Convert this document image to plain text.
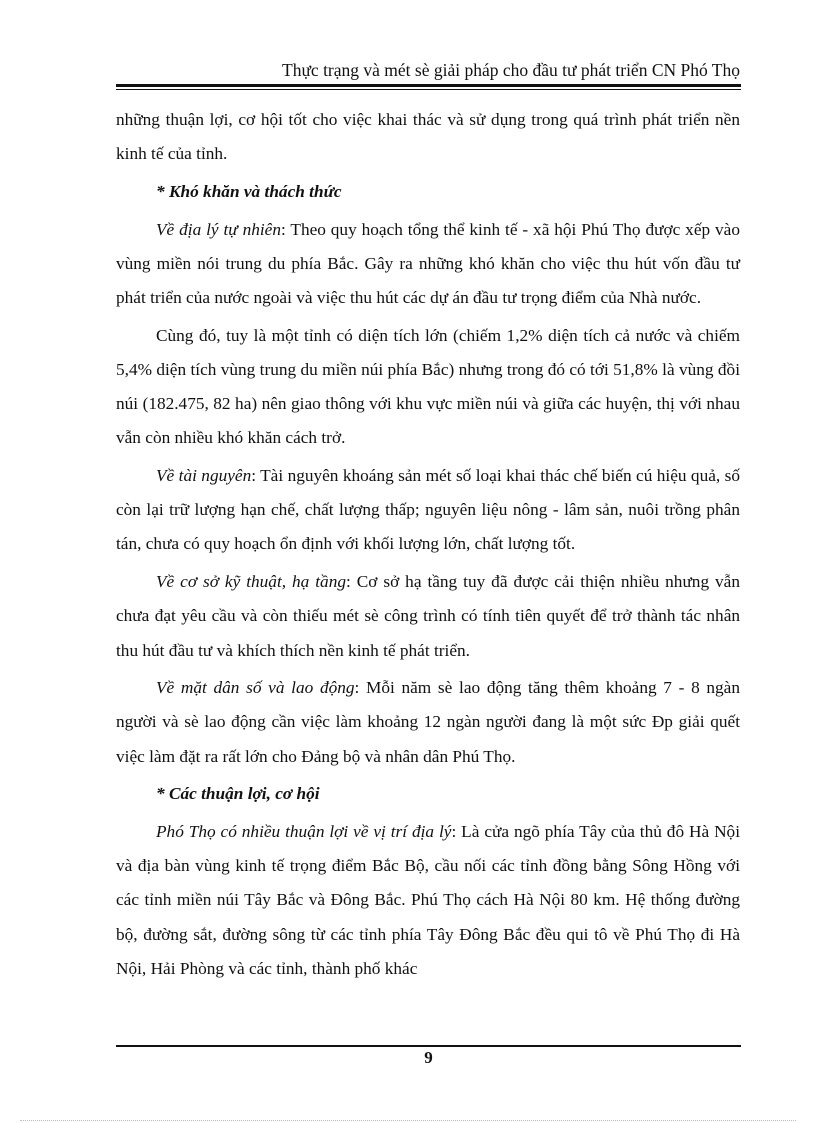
Thực trạng và mét sè giải pháp cho đầu tư phát triển CN Phó Thọ

những thuận lợi, cơ hội tốt cho việc khai thác và sử dụng trong quá trình phát triển nền kinh tế của tỉnh.

* Khó khăn và thách thức

Về địa lý tự nhiên: Theo quy hoạch tổng thể kinh tế - xã hội Phú Thọ được xếp vào vùng miền nói trung du phía Bắc. Gây ra những khó khăn cho việc thu hút vốn đầu tư phát triển của nước ngoài và việc thu hút các dự án đầu tư trọng điểm của Nhà nước.

Cùng đó, tuy là một tỉnh có diện tích lớn (chiếm 1,2% diện tích cả nước và chiếm 5,4% diện tích vùng trung du miền núi phía Bắc) nhưng trong đó có tới 51,8% là vùng đồi núi (182.475, 82 ha) nên giao thông với khu vực miền núi và giữa các huyện, thị với nhau vẫn còn nhiều khó khăn cách trở.

Về tài nguyên: Tài nguyên khoáng sản mét số loại khai thác chế biến cú hiệu quả, số còn lại trữ lượng hạn chế, chất lượng thấp; nguyên liệu nông - lâm sản, nuôi trồng phân tán, chưa có quy hoạch ổn định với khối lượng lớn, chất lượng tốt.

Về cơ sở kỹ thuật, hạ tầng: Cơ sở hạ tầng tuy đã được cải thiện nhiều nhưng vẫn chưa đạt yêu cầu và còn thiếu mét sè công trình có tính tiên quyết để trở thành tác nhân thu hút đầu tư và khích thích nền kinh tế phát triển.

Về mặt dân số và lao động: Mỗi năm sè lao động tăng thêm khoảng 7 - 8 ngàn người và sè lao động cần việc làm khoảng 12 ngàn người đang là một sức Ðp giải quết việc làm đặt ra rất lớn cho Đảng bộ và nhân dân Phú Thọ.

* Các thuận lợi, cơ hội

Phó Thọ có nhiều thuận lợi về vị trí địa lý: Là cửa ngõ phía Tây của thủ đô Hà Nội và địa bàn vùng kinh tế trọng điểm Bắc Bộ, cầu nối các tỉnh đồng bằng Sông Hồng với các tỉnh miền núi Tây Bắc và Đông Bắc. Phú Thọ cách Hà Nội 80 km. Hệ thống đường bộ, đường sắt, đường sông từ các tỉnh phía Tây Đông Bắc đều qui tô về Phú Thọ đi Hà Nội, Hải Phòng và các tỉnh, thành phố khác

9
